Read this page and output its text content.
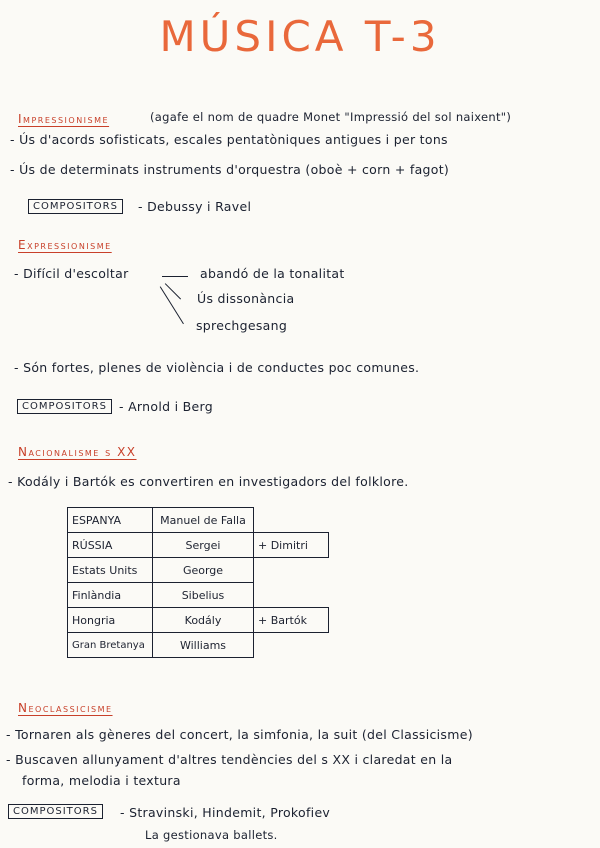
MÚSICA T-3
Impressionisme	(agafe el nom de quadre Monet "Impressió del sol naixent")
- Ús d'acords sofisticats, escales pentatòniques antigues i per tons
- Ús de determinats instruments d'orquestra (oboè + corn + fagot)
COMPOSITORS	- Debussy i Ravel
Expressionisme
- Difícil d'escoltar	abandó de la tonalitat
Ús dissonància
sprechgesang
- Són fortes, plenes de violència i de conductes poc comunes.
COMPOSITORS - Arnold i Berg
Nacionalisme s XX
- Kodály i Bartók es convertiren en investigadors del folklore.
ESPANYA	Manuel de Falla	
RÚSSIA	Sergei	+ Dimitri
Estats Units	George	
Finlàndia	Sibelius	
Hongria	Kodály	+ Bartók
Gran Bretanya	Williams	
Neoclassicisme
- Tornaren als gèneres del concert, la simfonia, la suit (del Classicisme)
- Buscaven allunyament d'altres tendències del s XX i claredat en la
forma, melodia i textura
COMPOSITORS	- Stravinski, Hindemit, Prokofiev
La gestionava ballets.
